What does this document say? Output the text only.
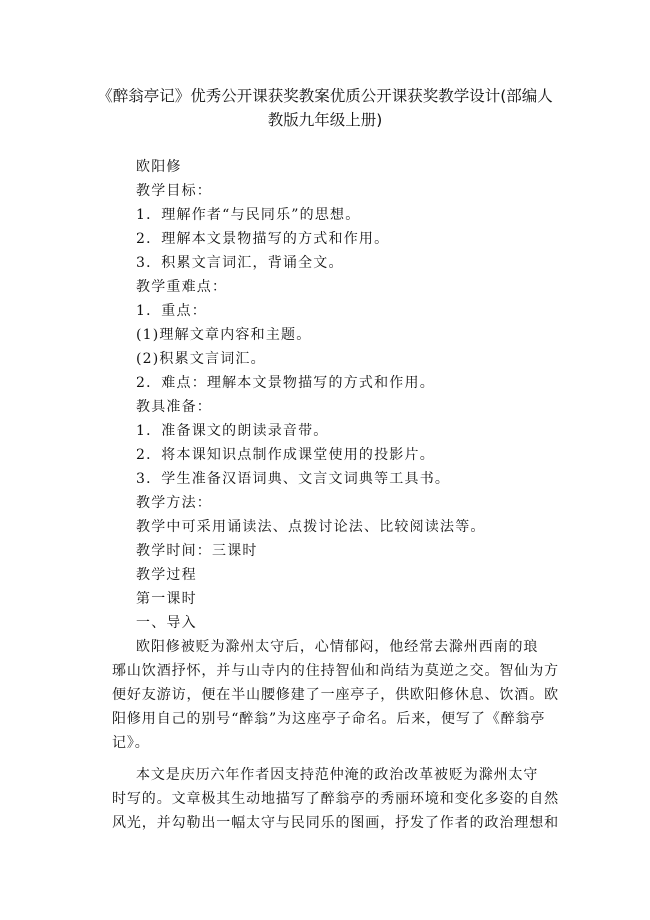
《醉翁亭记》优秀公开课获奖教案优质公开课获奖教学设计(部编人
教版九年级上册)
欧阳修
教学目标：
1．理解作者“与民同乐”的思想。
2．理解本文景物描写的方式和作用。
3．积累文言词汇，背诵全文。
教学重难点：
1．重点：
(1)理解文章内容和主题。
(2)积累文言词汇。
2．难点：理解本文景物描写的方式和作用。
教具准备：
1．准备课文的朗读录音带。
2．将本课知识点制作成课堂使用的投影片。
3．学生准备汉语词典、文言文词典等工具书。
教学方法：
教学中可采用诵读法、点拨讨论法、比较阅读法等。
教学时间：三课时
教学过程
第一课时
一、导入
欧阳修被贬为滁州太守后，心情郁闷，他经常去滁州西南的琅
琊山饮酒抒怀，并与山寺内的住持智仙和尚结为莫逆之交。智仙为方
便好友游访，便在半山腰修建了一座亭子，供欧阳修休息、饮酒。欧
阳修用自己的别号“醉翁”为这座亭子命名。后来，便写了《醉翁亭
记》。
本文是庆历六年作者因支持范仲淹的政治改革被贬为滁州太守
时写的。文章极其生动地描写了醉翁亭的秀丽环境和变化多姿的自然
风光，并勾勒出一幅太守与民同乐的图画，抒发了作者的政治理想和
